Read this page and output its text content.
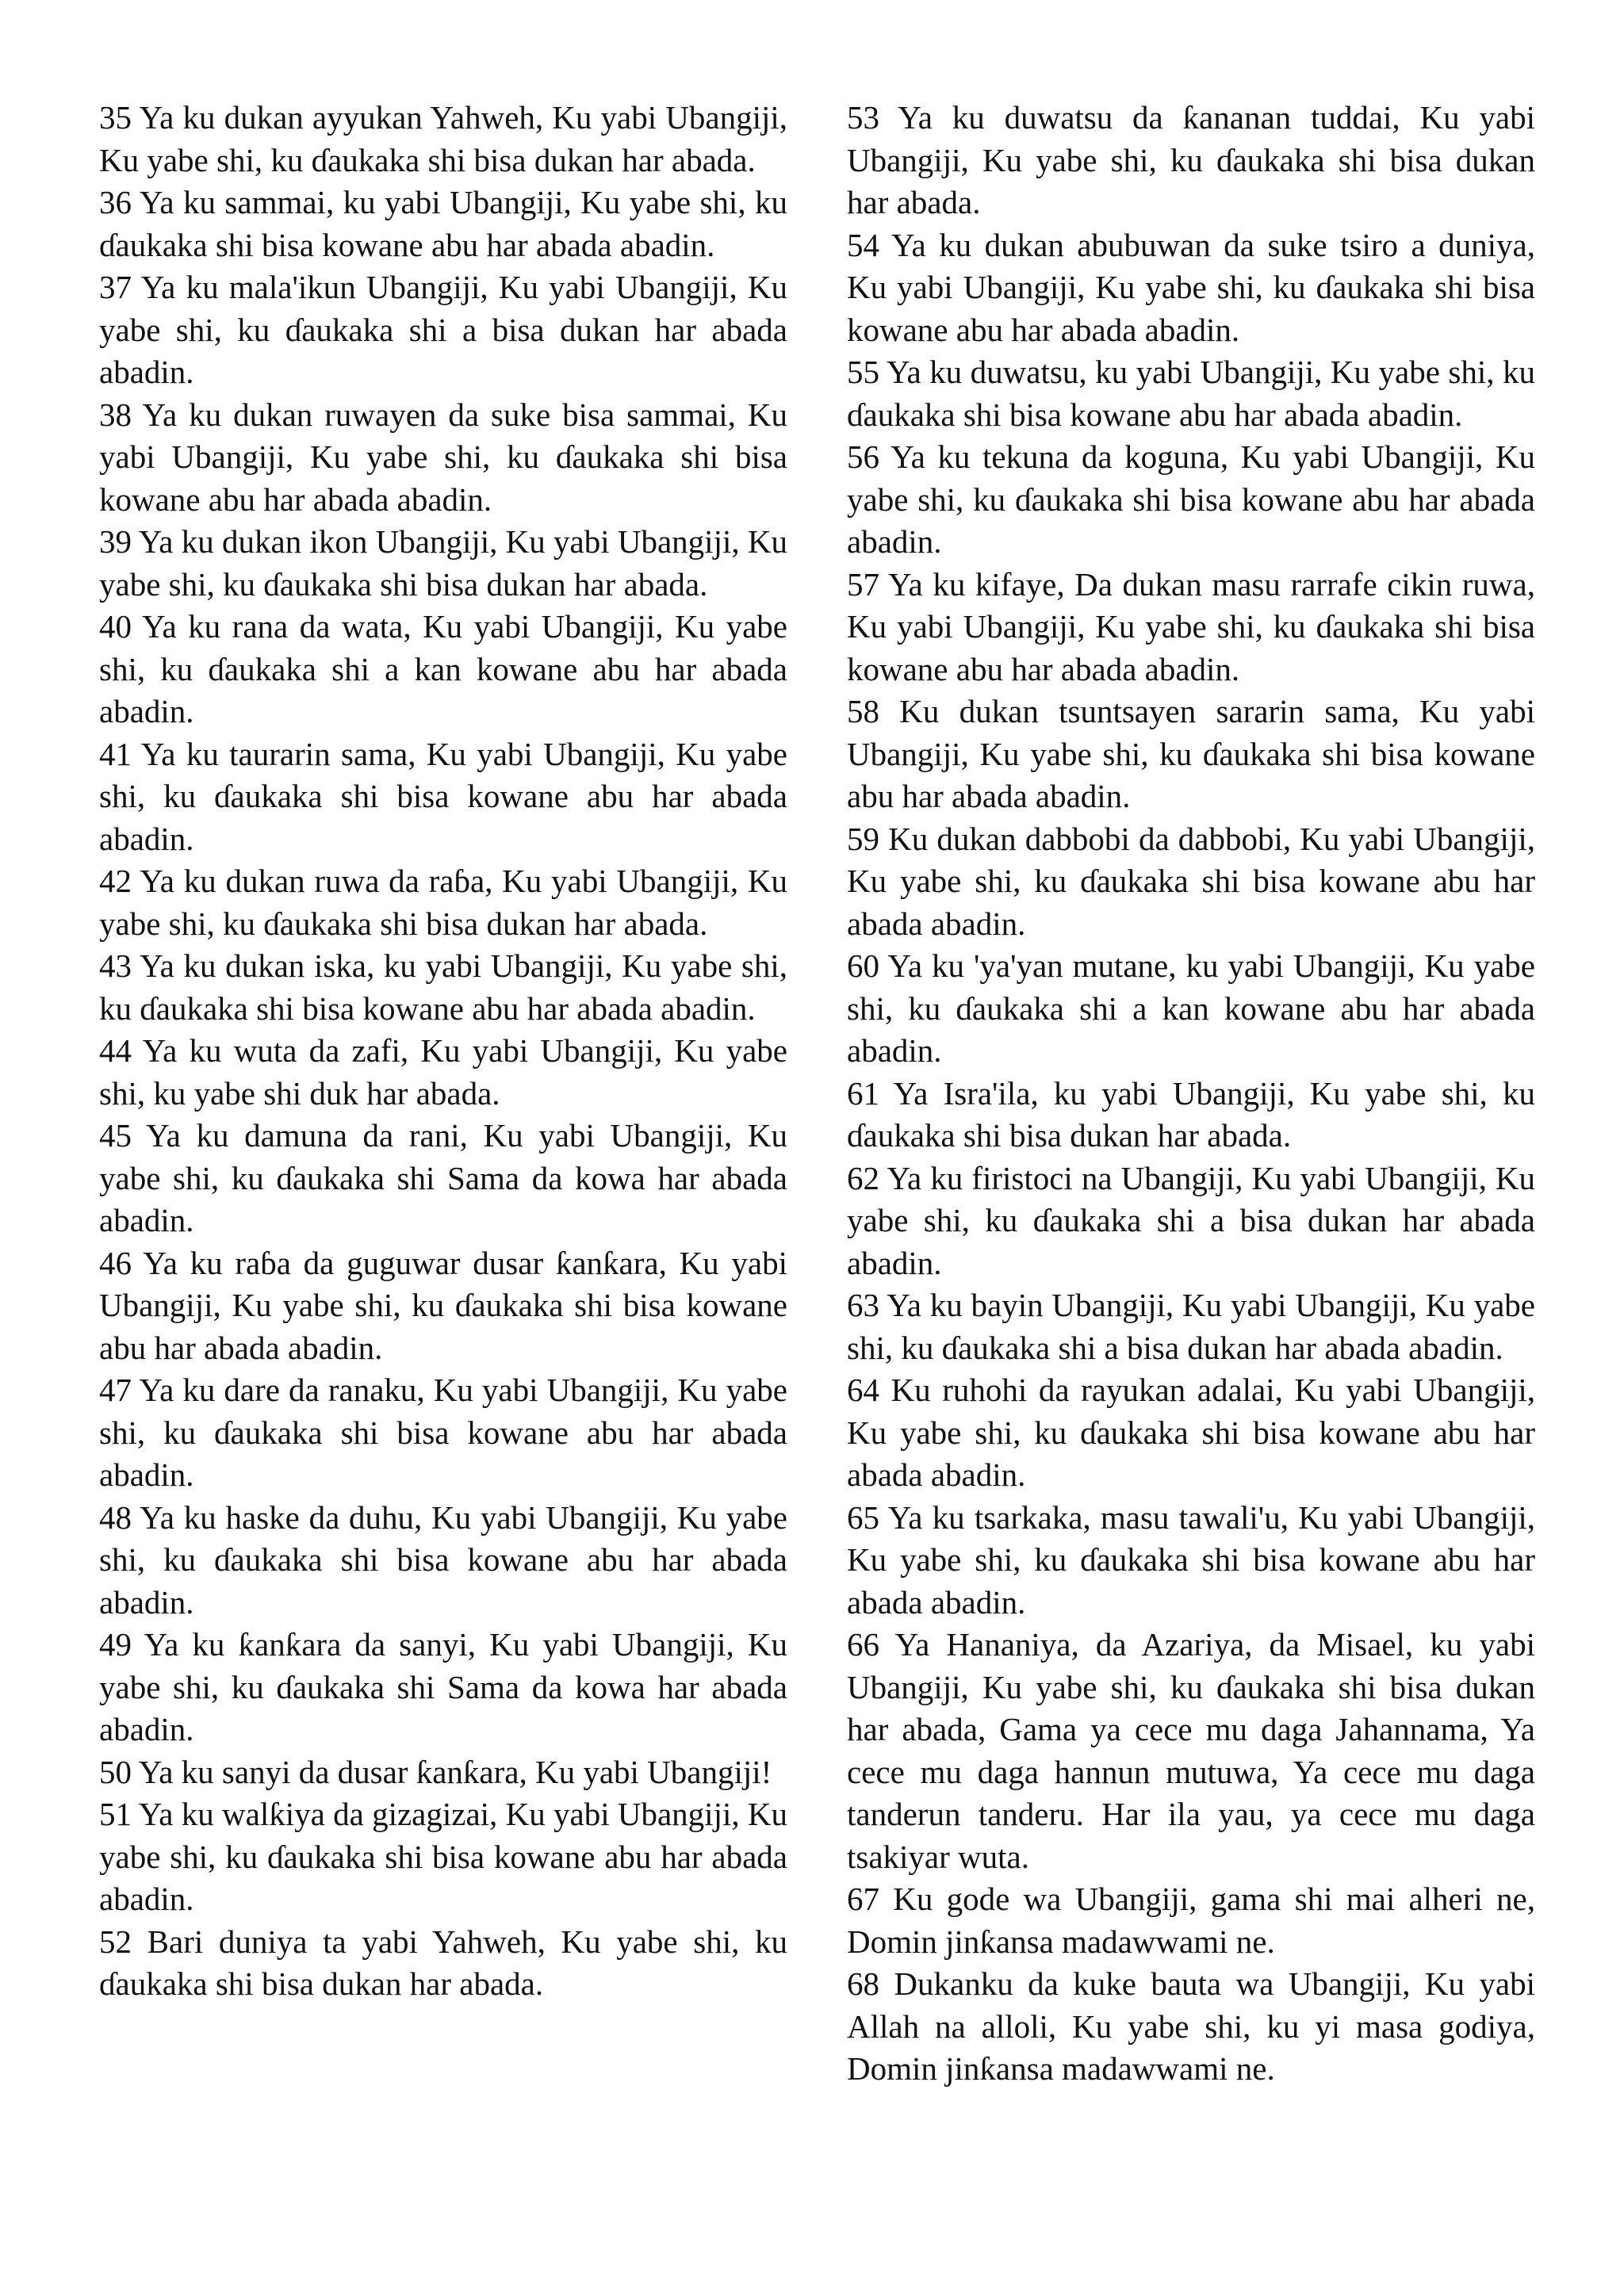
35 Ya ku dukan ayyukan Yahweh, Ku yabi Ubangiji, Ku yabe shi, ku ɗaukaka shi bisa dukan har abada.

36 Ya ku sammai, ku yabi Ubangiji, Ku yabe shi, ku ɗaukaka shi bisa kowane abu har abada abadin.

37 Ya ku mala'ikun Ubangiji, Ku yabi Ubangiji, Ku yabe shi, ku ɗaukaka shi a bisa dukan har abada abadin.

38 Ya ku dukan ruwayen da suke bisa sammai, Ku yabi Ubangiji, Ku yabe shi, ku ɗaukaka shi bisa kowane abu har abada abadin.

39 Ya ku dukan ikon Ubangiji, Ku yabi Ubangiji, Ku yabe shi, ku ɗaukaka shi bisa dukan har abada.

40 Ya ku rana da wata, Ku yabi Ubangiji, Ku yabe shi, ku ɗaukaka shi a kan kowane abu har abada abadin.

41 Ya ku taurarin sama, Ku yabi Ubangiji, Ku yabe shi, ku ɗaukaka shi bisa kowane abu har abada abadin.

42 Ya ku dukan ruwa da raɓa, Ku yabi Ubangiji, Ku yabe shi, ku ɗaukaka shi bisa dukan har abada.

43 Ya ku dukan iska, ku yabi Ubangiji, Ku yabe shi, ku ɗaukaka shi bisa kowane abu har abada abadin.

44 Ya ku wuta da zafi, Ku yabi Ubangiji, Ku yabe shi, ku yabe shi duk har abada.

45 Ya ku damuna da rani, Ku yabi Ubangiji, Ku yabe shi, ku ɗaukaka shi Sama da kowa har abada abadin.

46 Ya ku raɓa da guguwar dusar ƙanƙara, Ku yabi Ubangiji, Ku yabe shi, ku ɗaukaka shi bisa kowane abu har abada abadin.

47 Ya ku dare da ranaku, Ku yabi Ubangiji, Ku yabe shi, ku ɗaukaka shi bisa kowane abu har abada abadin.

48 Ya ku haske da duhu, Ku yabi Ubangiji, Ku yabe shi, ku ɗaukaka shi bisa kowane abu har abada abadin.

49 Ya ku ƙanƙara da sanyi, Ku yabi Ubangiji, Ku yabe shi, ku ɗaukaka shi Sama da kowa har abada abadin.

50 Ya ku sanyi da dusar ƙanƙara, Ku yabi Ubangiji!

51 Ya ku walƙiya da gizagizai, Ku yabi Ubangiji, Ku yabe shi, ku ɗaukaka shi bisa kowane abu har abada abadin.

52 Bari duniya ta yabi Yahweh, Ku yabe shi, ku ɗaukaka shi bisa dukan har abada.

53 Ya ku duwatsu da ƙananan tuddai, Ku yabi Ubangiji, Ku yabe shi, ku ɗaukaka shi bisa dukan har abada.

54 Ya ku dukan abubuwan da suke tsiro a duniya, Ku yabi Ubangiji, Ku yabe shi, ku ɗaukaka shi bisa kowane abu har abada abadin.

55 Ya ku duwatsu, ku yabi Ubangiji, Ku yabe shi, ku ɗaukaka shi bisa kowane abu har abada abadin.

56 Ya ku tekuna da koguna, Ku yabi Ubangiji, Ku yabe shi, ku ɗaukaka shi bisa kowane abu har abada abadin.

57 Ya ku kifaye, Da dukan masu rarrafe cikin ruwa, Ku yabi Ubangiji, Ku yabe shi, ku ɗaukaka shi bisa kowane abu har abada abadin.

58 Ku dukan tsuntsayen sararin sama, Ku yabi Ubangiji, Ku yabe shi, ku ɗaukaka shi bisa kowane abu har abada abadin.

59 Ku dukan dabbobi da dabbobi, Ku yabi Ubangiji, Ku yabe shi, ku ɗaukaka shi bisa kowane abu har abada abadin.

60 Ya ku 'ya'yan mutane, ku yabi Ubangiji, Ku yabe shi, ku ɗaukaka shi a kan kowane abu har abada abadin.

61 Ya Isra'ila, ku yabi Ubangiji, Ku yabe shi, ku ɗaukaka shi bisa dukan har abada.

62 Ya ku firistoci na Ubangiji, Ku yabi Ubangiji, Ku yabe shi, ku ɗaukaka shi a bisa dukan har abada abadin.

63 Ya ku bayin Ubangiji, Ku yabi Ubangiji, Ku yabe shi, ku ɗaukaka shi a bisa dukan har abada abadin.

64 Ku ruhohi da rayukan adalai, Ku yabi Ubangiji, Ku yabe shi, ku ɗaukaka shi bisa kowane abu har abada abadin.

65 Ya ku tsarkaka, masu tawali'u, Ku yabi Ubangiji, Ku yabe shi, ku ɗaukaka shi bisa kowane abu har abada abadin.

66 Ya Hananiya, da Azariya, da Misael, ku yabi Ubangiji, Ku yabe shi, ku ɗaukaka shi bisa dukan har abada, Gama ya cece mu daga Jahannama, Ya cece mu daga hannun mutuwa, Ya cece mu daga tanderun tanderu. Har ila yau, ya cece mu daga tsakiyar wuta.

67 Ku gode wa Ubangiji, gama shi mai alheri ne, Domin jinƙansa madawwami ne.

68 Dukanku da kuke bauta wa Ubangiji, Ku yabi Allah na alloli, Ku yabe shi, ku yi masa godiya, Domin jinƙansa madawwami ne.
